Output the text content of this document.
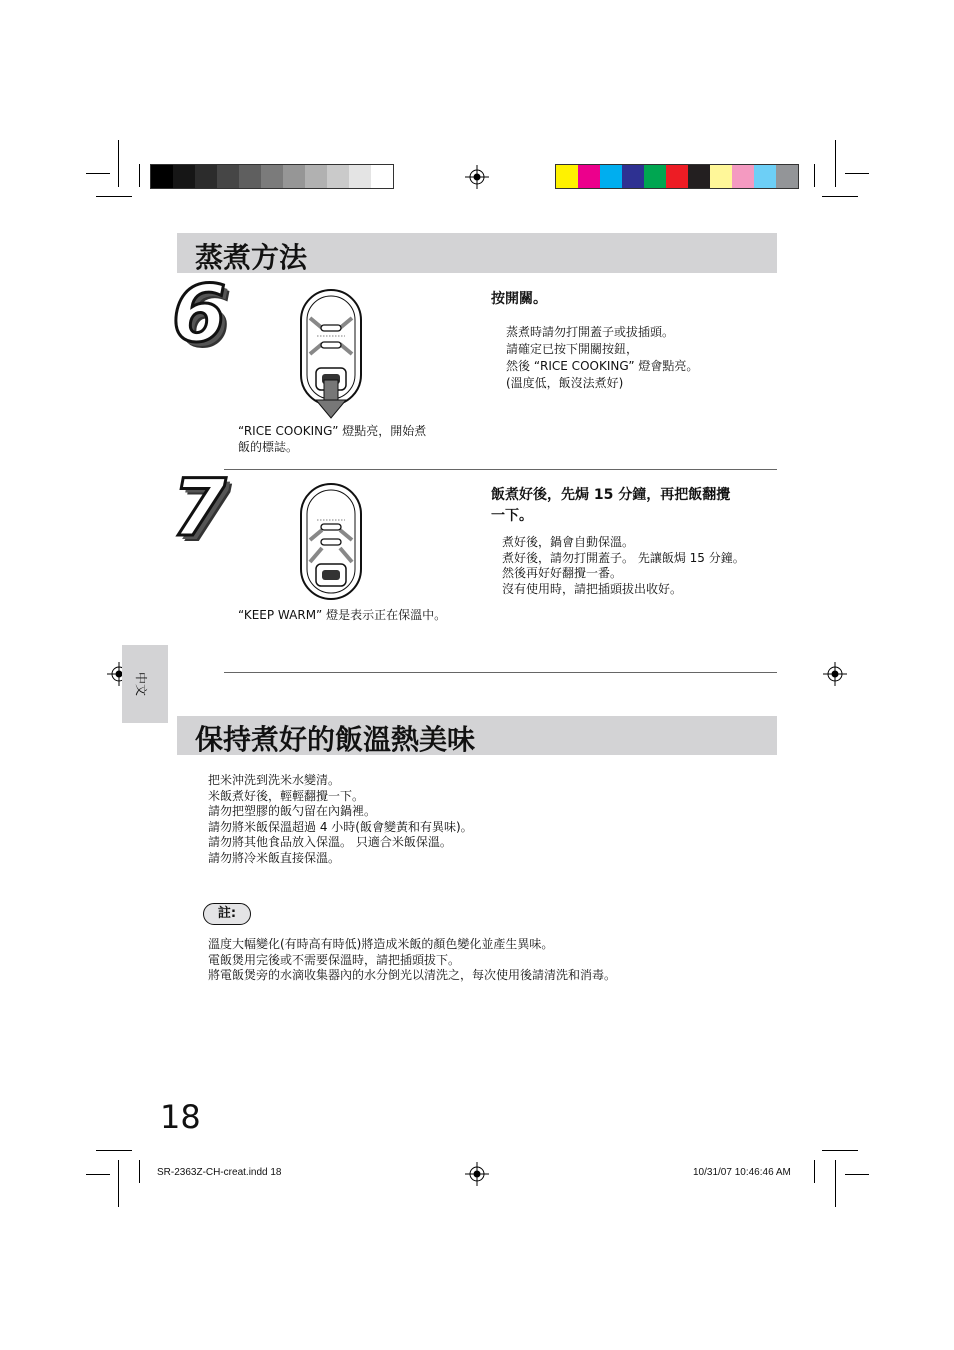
蒸煮方法
6
“RICE COOKING” 燈點亮，開始煮
飯的標誌。
按開關。
蒸煮時請勿打開蓋子或拔插頭。
請確定已按下開關按鈕，
然後 “RICE COOKING” 燈會點亮。
(溫度低，飯沒法煮好)
7
“KEEP WARM” 燈是表示正在保溫中。
飯煮好後，先焗 15 分鐘，再把飯翻攪
一下。
煮好後，鍋會自動保溫。
煮好後，請勿打開蓋子。 先讓飯焗 15 分鐘。
然後再好好翻攪一番。
沒有使用時，請把插頭拔出收好。
中文
保持煮好的飯溫熱美味
把米沖洗到洗米水變清。
米飯煮好後，輕輕翻攪一下。
請勿把塑膠的飯勺留在內鍋裡。
請勿將米飯保溫超過 4 小時(飯會變黃和有異味)。
請勿將其他食品放入保溫。 只適合米飯保溫。
請勿將冷米飯直接保溫。
註:
溫度大幅變化(有時高有時低)將造成米飯的顏色變化並產生異味。
電飯煲用完後或不需要保溫時，請把插頭拔下。
將電飯煲旁的水滴收集器內的水分倒光以清洗之，每次使用後請清洗和消毒。
18
SR-2363Z-CH-creat.indd 18	10/31/07 10:46:46 AM
